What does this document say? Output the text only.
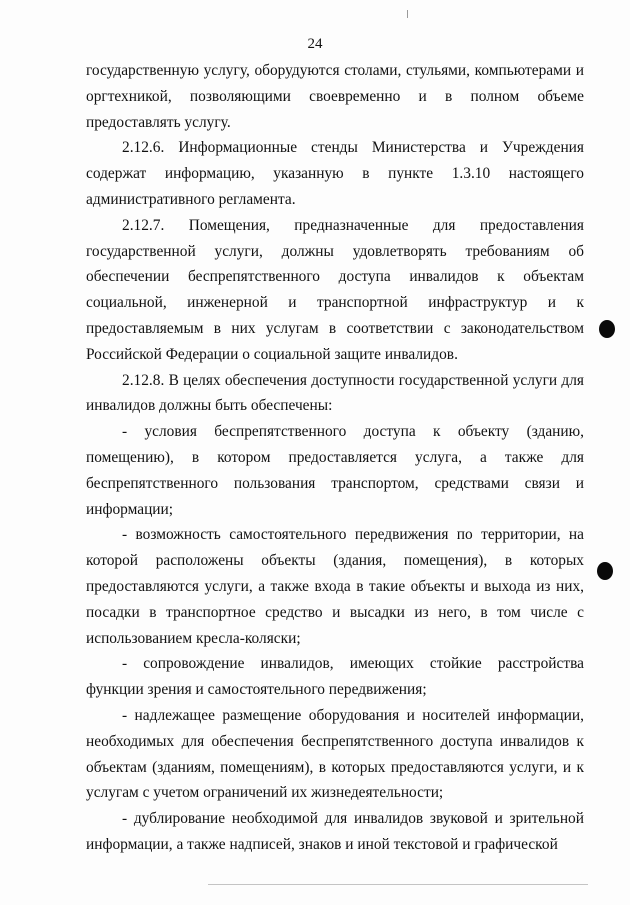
24

государственную услугу, оборудуются столами, стульями, компьютерами и оргтехникой, позволяющими своевременно и в полном объеме предоставлять услугу.

2.12.6. Информационные стенды Министерства и Учреждения содержат информацию, указанную в пункте 1.3.10 настоящего административного регламента.

2.12.7. Помещения, предназначенные для предоставления государственной услуги, должны удовлетворять требованиям об обеспечении беспрепятственного доступа инвалидов к объектам социальной, инженерной и транспортной инфраструктур и к предоставляемым в них услугам в соответствии с законодательством Российской Федерации о социальной защите инвалидов.

2.12.8. В целях обеспечения доступности государственной услуги для инвалидов должны быть обеспечены:

- условия беспрепятственного доступа к объекту (зданию, помещению), в котором предоставляется услуга, а также для беспрепятственного пользования транспортом, средствами связи и информации;

- возможность самостоятельного передвижения по территории, на которой расположены объекты (здания, помещения), в которых предоставляются услуги, а также входа в такие объекты и выхода из них, посадки в транспортное средство и высадки из него, в том числе с использованием кресла-коляски;

- сопровождение инвалидов, имеющих стойкие расстройства функции зрения и самостоятельного передвижения;

- надлежащее размещение оборудования и носителей информации, необходимых для обеспечения беспрепятственного доступа инвалидов к объектам (зданиям, помещениям), в которых предоставляются услуги, и к услугам с учетом ограничений их жизнедеятельности;

- дублирование необходимой для инвалидов звуковой и зрительной информации, а также надписей, знаков и иной текстовой и графической
